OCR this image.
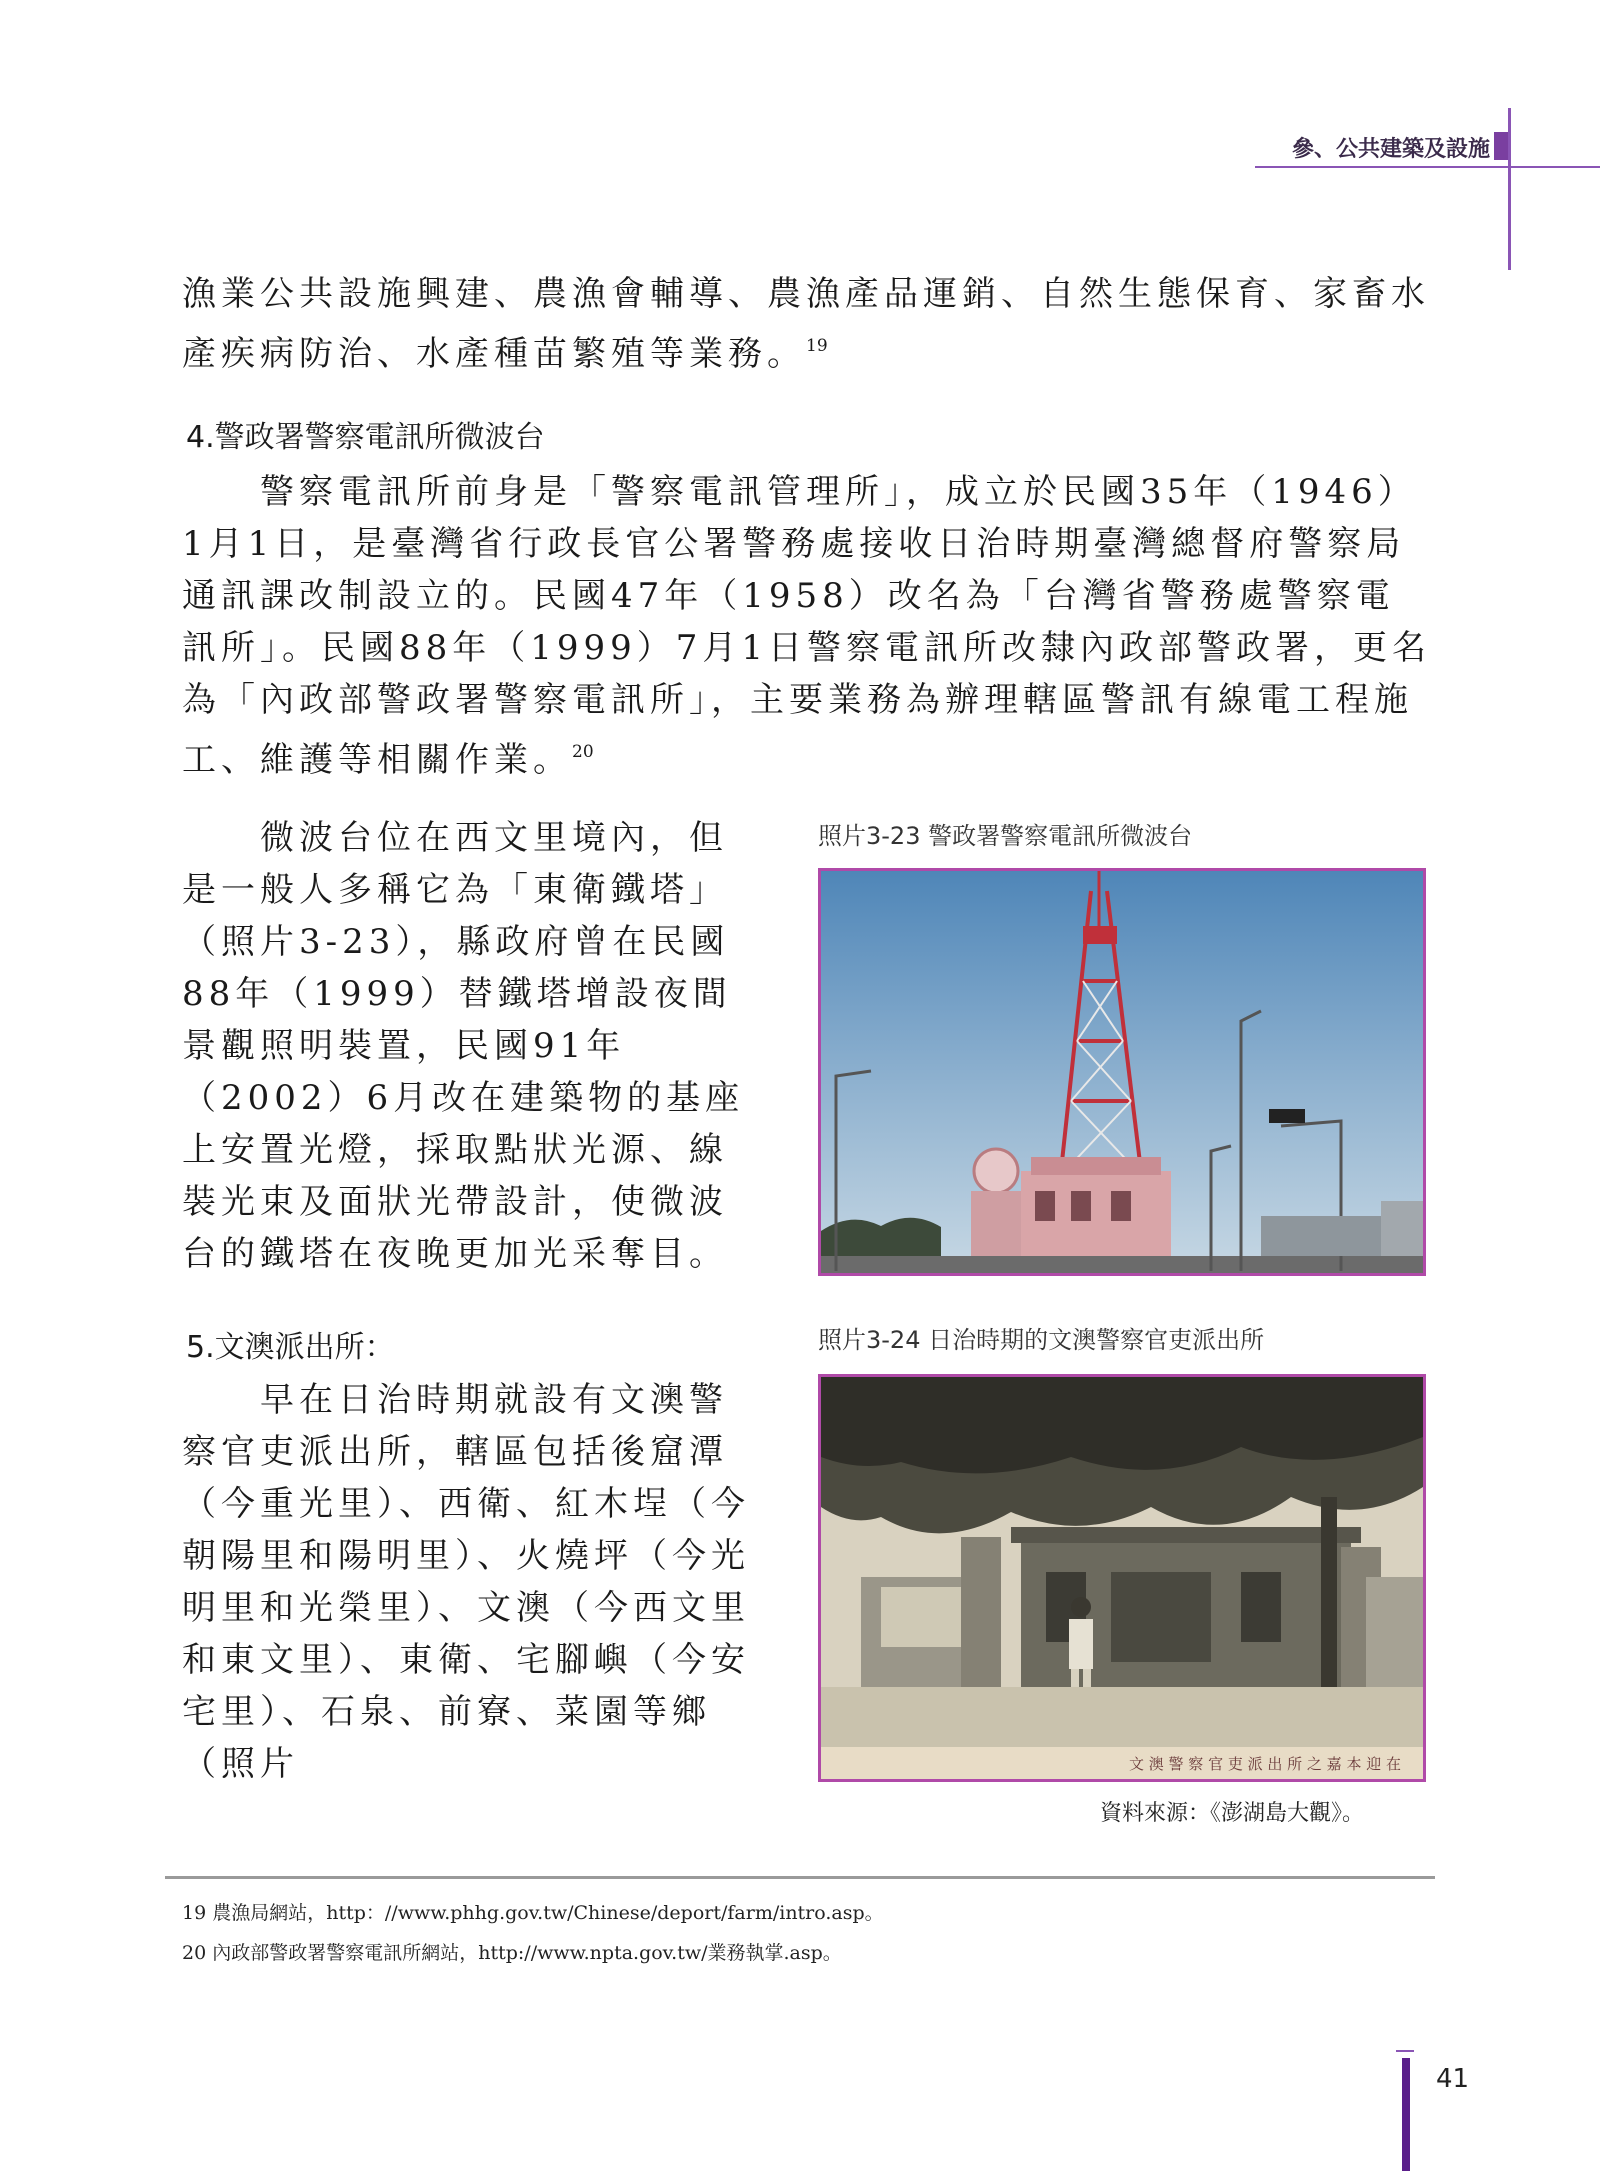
參、公共建築及設施

漁業公共設施興建、農漁會輔導、農漁產品運銷、自然生態保育、家畜水產疾病防治、水產種苗繁殖等業務。$^{19}$

4.警政署警察電訊所微波台

警察電訊所前身是「警察電訊管理所」，成立於民國35年（1946）1月1日，是臺灣省行政長官公署警務處接收日治時期臺灣總督府警察局通訊課改制設立的。民國47年（1958）改名為「台灣省警務處警察電訊所」。民國88年（1999）7月1日警察電訊所改隸內政部警政署，更名為「內政部警政署警察電訊所」，主要業務為辦理轄區警訊有線電工程施工、維護等相關作業。$^{20}$

微波台位在西文里境內，但是一般人多稱它為「東衛鐵塔」（照片3-23），縣政府曾在民國88年（1999）替鐵塔增設夜間景觀照明裝置，民國91年（2002）6月改在建築物的基座上安置光燈，採取點狀光源、線裝光束及面狀光帶設計，使微波台的鐵塔在夜晚更加光采奪目。

照片3-23 警政署警察電訊所微波台
5.文澳派出所：

早在日治時期就設有文澳警察官吏派出所，轄區包括後窟潭（今重光里）、西衛、紅木埕（今朝陽里和陽明里）、火燒坪（今光明里和光榮里）、文澳（今西文里和東文里）、東衛、宅腳嶼（今安宅里）、石泉、前寮、菜園等鄉（照片

照片3-24 日治時期的文澳警察官吏派出所
文 澳 警 察 官 吏 派 出 所 之 嘉 本 迎 在
資料來源：《澎湖島大觀》。
19 農漁局網站，http：//www.phhg.gov.tw/Chinese/deport/farm/intro.asp。
20 內政部警政署警察電訊所網站，http://www.npta.gov.tw/業務執掌.asp。
41
